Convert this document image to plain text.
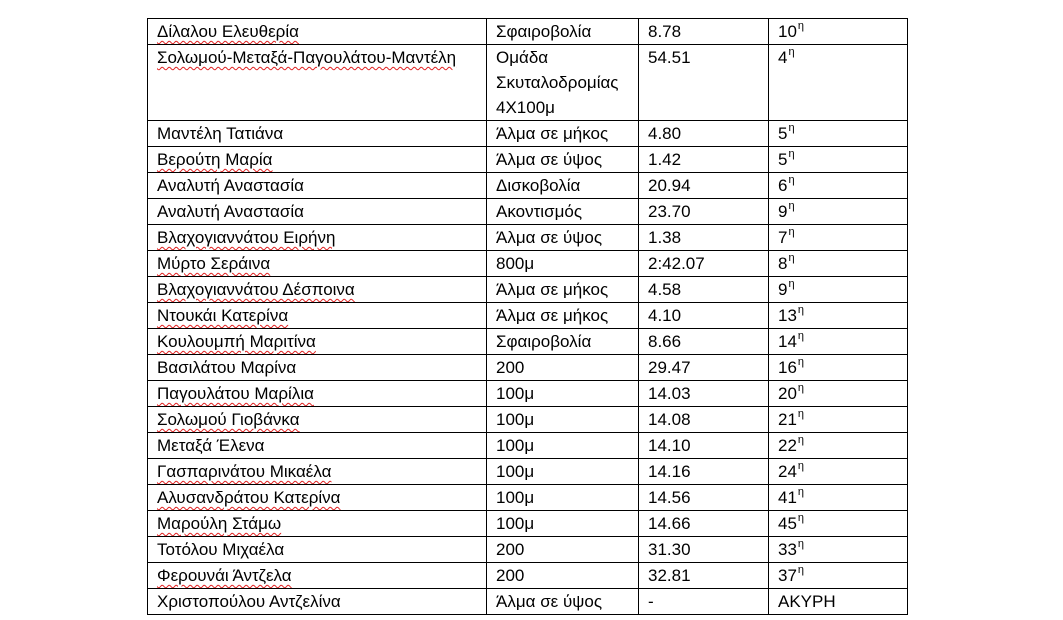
Δίλαλου Ελευθερία	Σφαιροβολία	8.78	$10^\eta$
Σολωμού-Μεταξά-Παγουλάτου-Μαντέλη	Ομάδα Σκυταλοδρομίας 4Χ100μ	54.51	$4^\eta$
Μαντέλη Τατιάνα	Άλμα σε μήκος	4.80	$5^\eta$
Βερούτη Μαρία	Άλμα σε ύψος	1.42	$5^\eta$
Αναλυτή Αναστασία	Δισκοβολία	20.94	$6^\eta$
Αναλυτή Αναστασία	Ακοντισμός	23.70	$9^\eta$
Βλαχογιαννάτου Ειρήνη	Άλμα σε ύψος	1.38	$7^\eta$
Μύρτο Σεράινα	800μ	2:42.07	$8^\eta$
Βλαχογιαννάτου Δέσποινα	Άλμα σε μήκος	4.58	$9^\eta$
Ντουκάι Κατερίνα	Άλμα σε μήκος	4.10	$13^\eta$
Κουλουμπή Μαριτίνα	Σφαιροβολία	8.66	$14^\eta$
Βασιλάτου Μαρίνα	200	29.47	$16^\eta$
Παγουλάτου Μαρίλια	100μ	14.03	$20^\eta$
Σολωμού Γιοβάνκα	100μ	14.08	$21^\eta$
Μεταξά Έλενα	100μ	14.10	$22^\eta$
Γασπαρινάτου Μικαέλα	100μ	14.16	$24^\eta$
Αλυσανδράτου Κατερίνα	100μ	14.56	$41^\eta$
Μαρούλη Στάμω	100μ	14.66	$45^\eta$
Τοτόλου Μιχαέλα	200	31.30	$33^\eta$
Φερουνάι Άντζελα	200	32.81	$37^\eta$
Χριστοπούλου Αντζελίνα	Άλμα σε ύψος	-	ΑΚΥΡΗ
